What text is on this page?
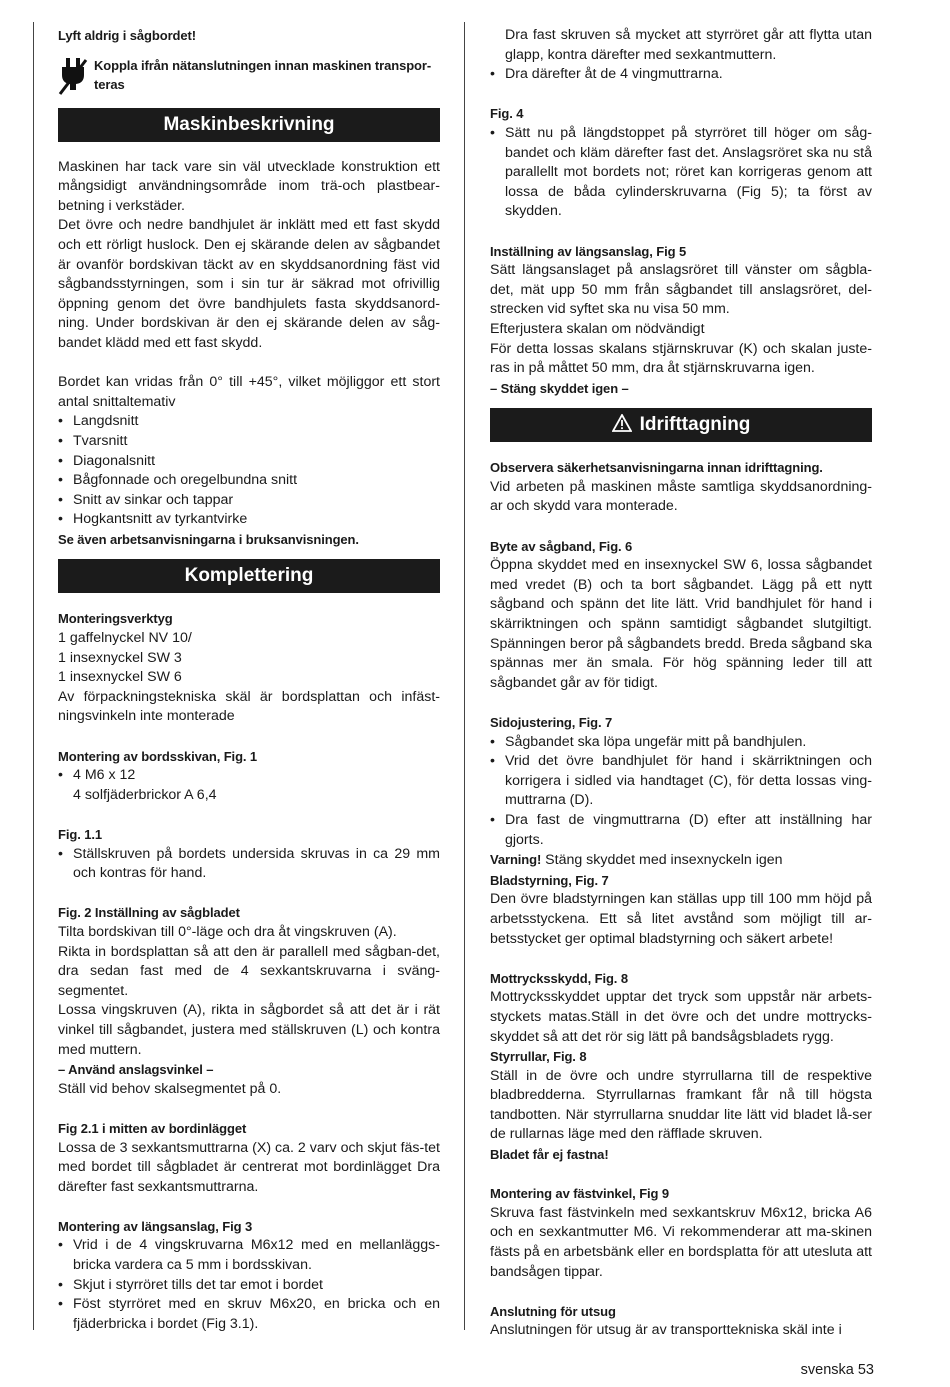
Lyft aldrig i sågbordet!
Koppla ifrån nätanslutningen innan maskinen transpor-teras
Maskinbeskrivning
Maskinen har tack vare sin väl utvecklade konstruktion ett mångsidigt användningsområde inom trä-och plastbear-betning i verkstäder.
Det övre och nedre bandhjulet är inklätt med ett fast skydd och ett rörligt huslock. Den ej skärande delen av sågbandet är ovanför bordskivan täckt av en skyddsanordning fäst vid sågbandsstyrningen, som i sin tur är säkrad mot ofrivillig öppning genom det övre bandhjulets fasta skyddsanord-ning. Under bordskivan är den ej skärande delen av såg-bandet klädd med ett fast skydd.
Bordet kan vridas från 0° till +45°, vilket möjliggor ett stort antal snittaltemativ
• Langdsnitt
• Tvarsnitt
• Diagonalsnitt
• Bågfonnade och oregelbundna snitt
• Snitt av sinkar och tappar
• Hogkantsnitt av tyrkantvirke
Se även arbetsanvisningarna i bruksanvisningen.
Komplettering
Monteringsverktyg
1 gaffelnyckel NV 10/
1 insexnyckel SW 3
1 insexnyckel SW 6
Av förpackningstekniska skäl är bordsplattan och infäst-ningsvinkeln inte monterade
Montering av bordsskivan, Fig. 1
• 4 M6 x 12
4 solfjäderbrickor A 6,4
Fig. 1.1
• Ställskruven på bordets undersida skruvas in ca 29 mm och kontras för hand.
Fig. 2 Inställning av sågbladet
Tilta bordskivan till 0°-läge och dra åt vingskruven (A).
Rikta in bordsplattan så att den är parallell med sågban-det, dra sedan fast med de 4 sexkantskruvarna i sväng-segmentet.
Lossa vingskruven (A), rikta in sågbordet så att det är i rät vinkel till sågbandet, justera med ställskruven (L) och kontra med muttern.
– Använd anslagsvinkel –
Ställ vid behov skalsegmentet på 0.
Fig 2.1 i mitten av bordinlägget
Lossa de 3 sexkantsmuttrarna (X) ca. 2 varv och skjut fäs-tet med bordet till sågbladet är centrerat mot bordinlägget Dra därefter fast sexkantsmuttrarna.
Montering av längsanslag, Fig 3
• Vrid i de 4 vingskruvarna M6x12 med en mellanläggs-bricka vardera ca 5 mm i bordsskivan.
• Skjut i styrröret tills det tar emot i bordet
• Föst styrröret med en skruv M6x20, en bricka och en fjäderbricka i bordet (Fig 3.1).
Dra fast skruven så mycket att styrröret går att flytta utan glapp, kontra därefter med sexkantmuttern.
• Dra därefter åt de 4 vingmuttrarna.
Fig. 4
• Sätt nu på längdstoppet på styrröret till höger om såg-bandet och kläm därefter fast det. Anslagsröret ska nu stå parallellt mot bordets not; röret kan korrigeras genom att lossa de båda cylinderskruvarna (Fig 5); ta först av skydden.
Inställning av längsanslag, Fig 5
Sätt längsanslaget på anslagsröret till vänster om sågbla-det, mät upp 50 mm från sågbandet till anslagsröret, del-strecken vid syftet ska nu visa 50 mm.
Efterjustera skalan om nödvändigt
För detta lossas skalans stjärnskruvar (K) och skalan juste-ras in på måttet 50 mm, dra åt stjärnskruvarna igen.
– Stäng skyddet igen –
Idrifttagning
Observera säkerhetsanvisningarna innan idrifttagning.
Vid arbeten på maskinen måste samtliga skyddsanordning-ar och skydd vara monterade.
Byte av sågband, Fig. 6
Öppna skyddet med en insexnyckel SW 6, lossa sågbandet med vredet (B) och ta bort sågbandet. Lägg på ett nytt sågband och spänn det lite lätt. Vrid bandhjulet för hand i skärriktningen och spänn samtidigt sågbandet slutgiltigt. Spänningen beror på sågbandets bredd. Breda sågband ska spännas mer än smala. För hög spänning leder till att sågbandet går av för tidigt.
Sidojustering, Fig. 7
• Sågbandet ska löpa ungefär mitt på bandhjulen.
• Vrid det övre bandhjulet för hand i skärriktningen och korrigera i sidled via handtaget (C), för detta lossas ving-muttrarna (D).
• Dra fast de vingmuttrarna (D) efter att inställning har gjorts.
Varning! Stäng skyddet med insexnyckeln igen
Bladstyrning, Fig. 7
Den övre bladstyrningen kan ställas upp till 100 mm höjd på arbetsstyckena. Ett så litet avstånd som möjligt till ar-betsstycket ger optimal bladstyrning och säkert arbete!
Mottrycksskydd, Fig. 8
Mottrycksskyddet upptar det tryck som uppstår när arbets-styckets matas.Ställ in det övre och det undre mottrycks-skyddet så att det rör sig lätt på bandsågsbladets rygg.
Styrrullar, Fig. 8
Ställ in de övre och undre styrrullarna till de respektive bladbredderna. Styrrullarnas framkant får nå till högsta tandbotten. När styrrullarna snuddar lite lätt vid bladet lå-ser de rullarnas läge med den räfflade skruven.
Bladet får ej fastna!
Montering av fästvinkel, Fig 9
Skruva fast fästvinkeln med sexkantskruv M6x12, bricka A6 och en sexkantmutter M6. Vi rekommenderar att ma-skinen fästs på en arbetsbänk eller en bordsplatta för att utesluta att bandsågen tippar.
Anslutning för utsug
Anslutningen för utsug är av transporttekniska skäl inte i
svenska 53
